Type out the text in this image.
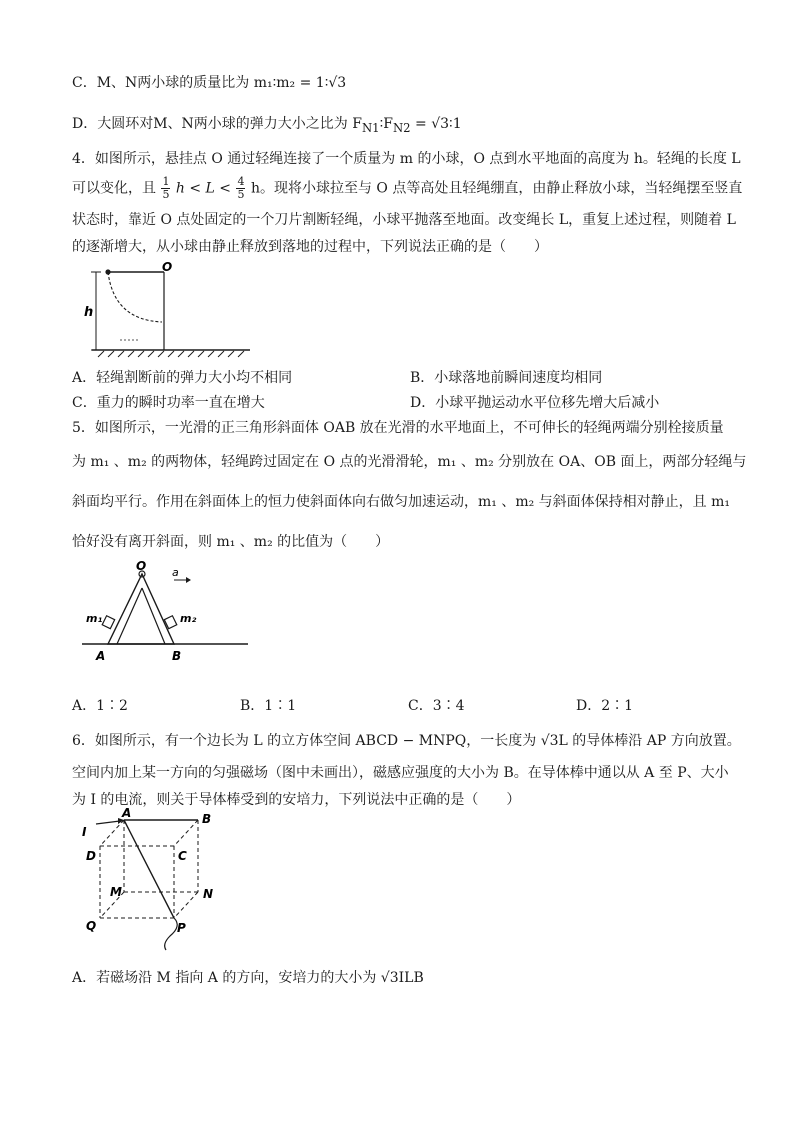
C．M、N两小球的质量比为 m₁∶m₂ = 1∶√3
D．大圆环对M、N两小球的弹力大小之比为 $F_{N1}∶F_{N2}$ = √3∶1
4．如图所示，悬挂点 O 通过轻绳连接了一个质量为 m 的小球，O 点到水平地面的高度为 h。轻绳的长度 L
可以变化，且 $\frac{1}{5}$ $h < L < \frac{4}{5}$ h。现将小球拉至与 O 点等高处且轻绳绷直，由静止释放小球，当轻绳摆至竖直
状态时，靠近 O 点处固定的一个刀片割断轻绳，小球平抛落至地面。改变绳长 L，重复上述过程，则随着 L
的逐渐增大，从小球由静止释放到落地的过程中，下列说法正确的是（　　）
O
h
A．轻绳割断前的弹力大小均不相同	B．小球落地前瞬间速度均相同
C．重力的瞬时功率一直在增大	D．小球平抛运动水平位移先增大后减小
5．如图所示，一光滑的正三角形斜面体 OAB 放在光滑的水平地面上，不可伸长的轻绳两端分别栓接质量
为 m₁ 、m₂ 的两物体，轻绳跨过固定在 O 点的光滑滑轮，m₁ 、m₂ 分别放在 OA、OB 面上，两部分轻绳与
斜面均平行。作用在斜面体上的恒力使斜面体向右做匀加速运动，m₁ 、m₂ 与斜面体保持相对静止，且 m₁
恰好没有离开斜面，则 m₁ 、m₂ 的比值为（　　）
O a
m₁	m₂
A	B
A．1∶2	B．1∶1	C．3∶4	D．2∶1
6．如图所示，有一个边长为 L 的立方体空间 ABCD − MNPQ，一长度为 √3L 的导体棒沿 AP 方向放置。
空间内加上某一方向的匀强磁场（图中未画出），磁感应强度的大小为 B。在导体棒中通以从 A 至 P、大小
为 I 的电流，则关于导体棒受到的安培力，下列说法中正确的是（　　）
I
A	B
C
D
M	N
P
Q
A．若磁场沿 M 指向 A 的方向，安培力的大小为 √3ILB
